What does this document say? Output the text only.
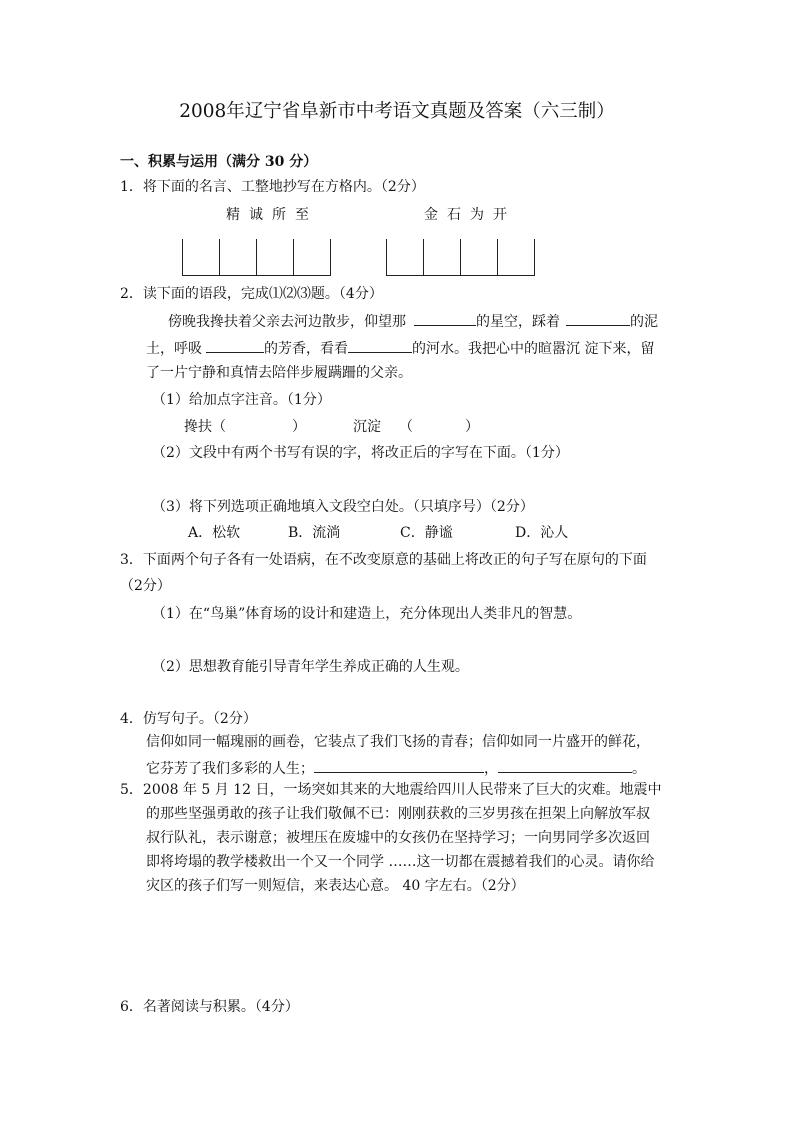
2008年辽宁省阜新市中考语文真题及答案（六三制）
一、积累与运用（满分 30 分）
1．将下面的名言、工整地抄写在方格内。（2分）
精诚所至	金石为开
2．读下面的语段，完成⑴⑵⑶题。（4分）
傍晚我搀扶着父亲去河边散步，仰望那	的星空，踩着	的泥
土，呼吸	的芳香，看看	的河水。我把心中的暄嚣沉 淀下来，留
了一片宁静和真情去陪伴步履蹒跚的父亲。
（1）给加点字注音。（1分）
搀扶（	）	沉淀 （	）
（2）文段中有两个书写有误的字，将改正后的字写在下面。（1分）
（3）将下列选项正确地填入文段空白处。（只填序号）（2分）
A．松软	B．流淌	C．静谧	D．沁人
3．下面两个句子各有一处语病，在不改变原意的基础上将改正的句子写在原句的下面
（2分）
（1）在“鸟巢”体育场的设计和建造上，充分体现出人类非凡的智慧。
（2）思想教育能引导青年学生养成正确的人生观。
4．仿写句子。（2分）
信仰如同一幅瑰丽的画卷，它装点了我们飞扬的青春；信仰如同一片盛开的鲜花，
它芬芳了我们多彩的人生；	，	。
5．2008 年 5 月 12 日，一场突如其来的大地震给四川人民带来了巨大的灾难。地震中
的那些坚强勇敢的孩子让我们敬佩不已：刚刚获救的三岁男孩在担架上向解放军叔
叔行队礼，表示谢意；被埋压在废墟中的女孩仍在坚持学习；一向男同学多次返回
即将垮塌的教学楼救出一个又一个同学 ……这一切都在震撼着我们的心灵。请你给
灾区的孩子们写一则短信，来表达心意。 40 字左右。（2分）
6．名著阅读与积累。（4分）
